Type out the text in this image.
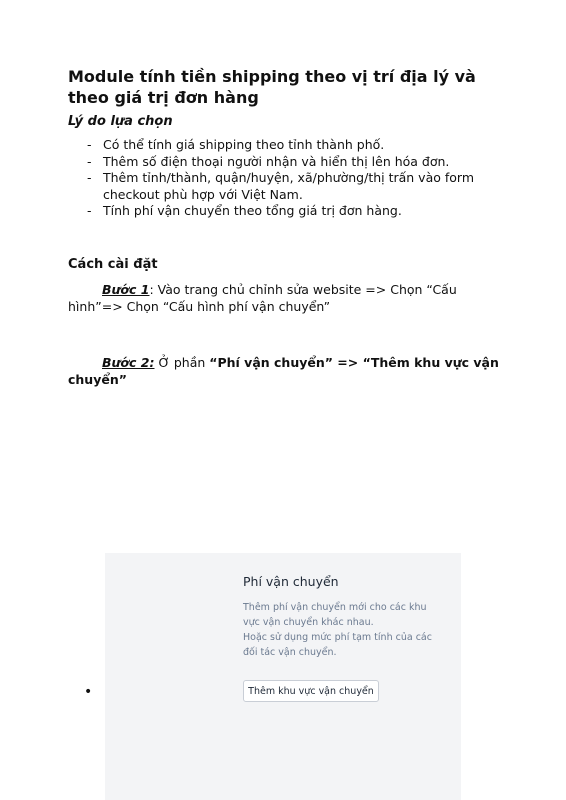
Module tính tiền shipping theo vị trí địa lý và theo giá trị đơn hàng

Lý do lựa chọn

- Có thể tính giá shipping theo tỉnh thành phố.
- Thêm số điện thoại người nhận và hiển thị lên hóa đơn.
- Thêm tỉnh/thành, quận/huyện, xã/phường/thị trấn vào form checkout phù hợp với Việt Nam.
- Tính phí vận chuyển theo tổng giá trị đơn hàng.

Cách cài đặt

Bước 1: Vào trang chủ chỉnh sửa website => Chọn “Cấu hình”=> Chọn “Cấu hình phí vận chuyển”

Bước 2: Ở phần “Phí vận chuyển” => “Thêm khu vực vận chuyển”

Phí vận chuyển

Thêm phí vận chuyển mới cho các khu vực vận chuyển khác nhau.
Hoặc sử dụng mức phí tạm tính của các đối tác vận chuyển.

Thêm khu vực vận chuyển
•
